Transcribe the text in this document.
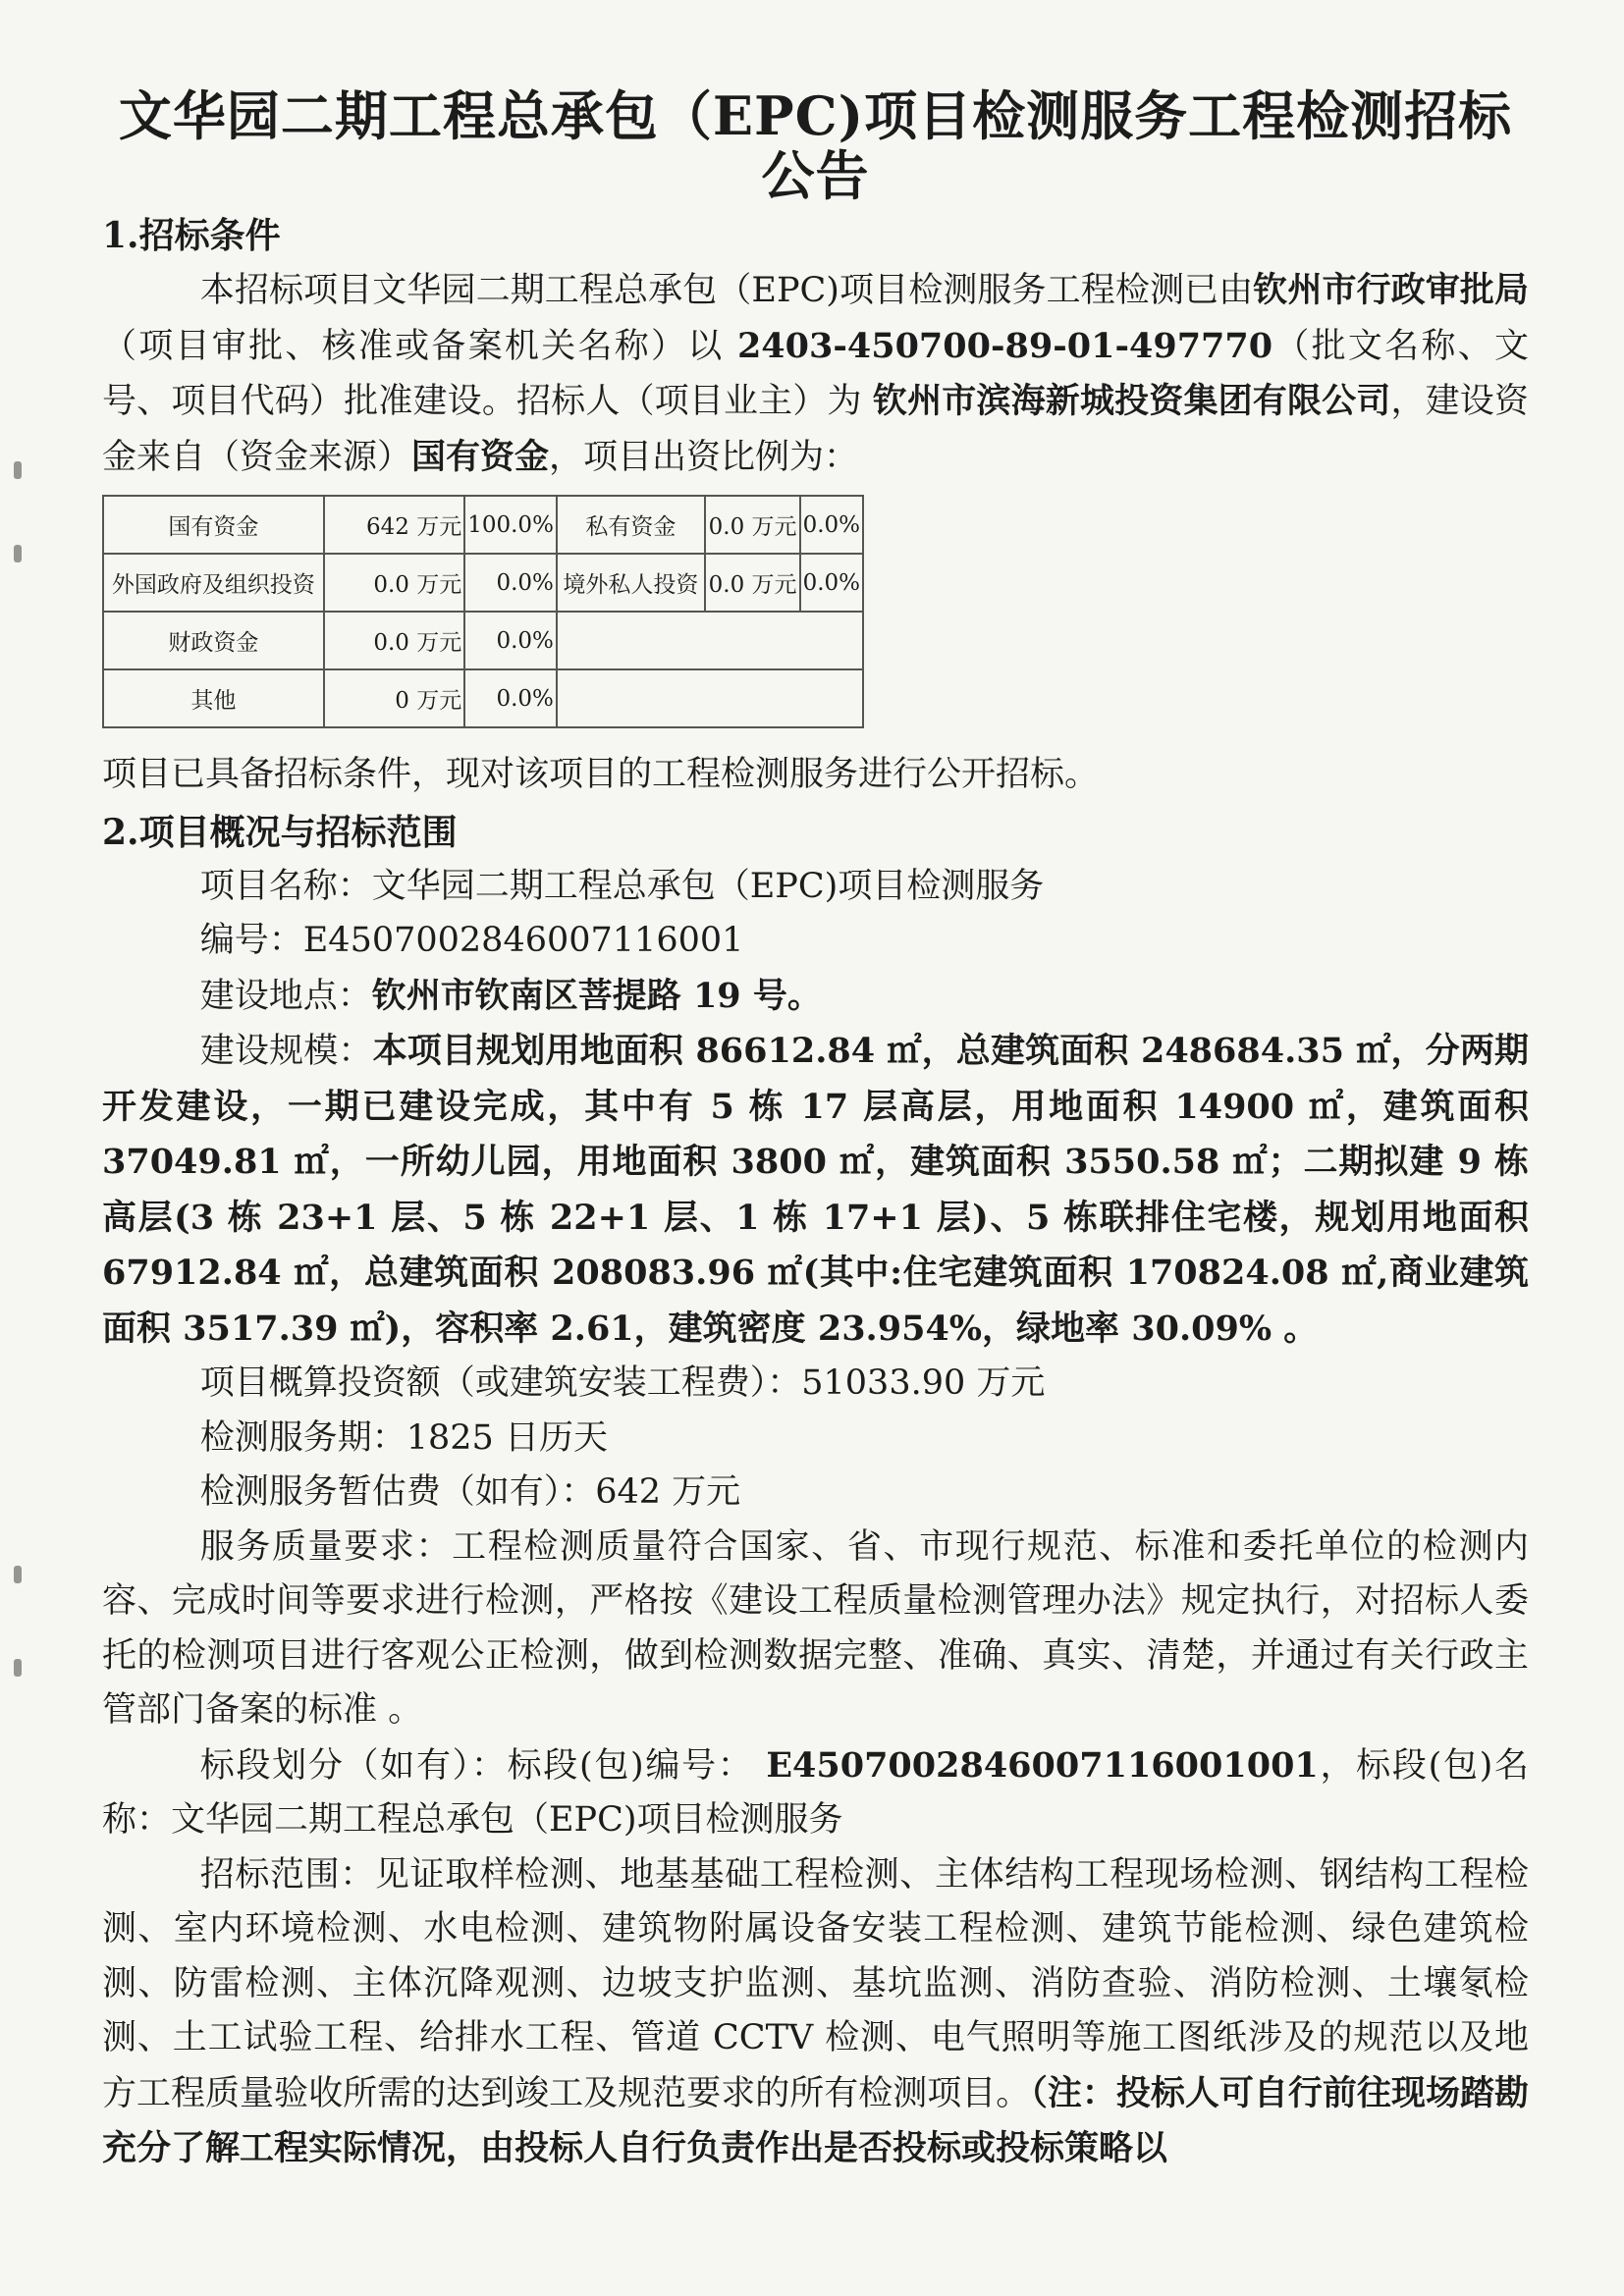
文华园二期工程总承包（EPC)项目检测服务工程检测招标公告
1.招标条件

本招标项目文华园二期工程总承包（EPC)项目检测服务工程检测已由钦州市行政审批局（项目审批、核准或备案机关名称）以 2403-450700-89-01-497770（批文名称、文号、项目代码）批准建设。招标人（项目业主）为 钦州市滨海新城投资集团有限公司，建设资金来自（资金来源）国有资金，项目出资比例为：

国有资金	642 万元	100.0%	私有资金	0.0 万元	0.0%
外国政府及组织投资	0.0 万元	0.0%	境外私人投资	0.0 万元	0.0%
财政资金	0.0 万元	0.0%			
其他	0 万元	0.0%			

项目已具备招标条件，现对该项目的工程检测服务进行公开招标。

2.项目概况与招标范围

项目名称：文华园二期工程总承包（EPC)项目检测服务

编号：E4507002846007116001

建设地点：钦州市钦南区菩提路 19 号。

建设规模：本项目规划用地面积 86612.84 ㎡，总建筑面积 248684.35 ㎡，分两期开发建设，一期已建设完成，其中有 5 栋 17 层高层，用地面积 14900 ㎡，建筑面积 37049.81 ㎡，一所幼儿园，用地面积 3800 ㎡，建筑面积 3550.58 ㎡；二期拟建 9 栋高层(3 栋 23+1 层、5 栋 22+1 层、1 栋 17+1 层)、5 栋联排住宅楼，规划用地面积 67912.84 ㎡，总建筑面积 208083.96 ㎡(其中:住宅建筑面积 170824.08 ㎡,商业建筑面积 3517.39 ㎡)，容积率 2.61，建筑密度 23.954%，绿地率 30.09% 。

项目概算投资额（或建筑安装工程费）：51033.90 万元

检测服务期：1825 日历天

检测服务暂估费（如有）：642 万元

服务质量要求：工程检测质量符合国家、省、市现行规范、标准和委托单位的检测内容、完成时间等要求进行检测，严格按《建设工程质量检测管理办法》规定执行，对招标人委托的检测项目进行客观公正检测，做到检测数据完整、准确、真实、清楚，并通过有关行政主管部门备案的标准 。

标段划分（如有）：标段(包)编号： E4507002846007116001001，标段(包)名称：文华园二期工程总承包（EPC)项目检测服务

招标范围：见证取样检测、地基基础工程检测、主体结构工程现场检测、钢结构工程检测、室内环境检测、水电检测、建筑物附属设备安装工程检测、建筑节能检测、绿色建筑检测、防雷检测、主体沉降观测、边坡支护监测、基坑监测、消防查验、消防检测、土壤氡检测、土工试验工程、给排水工程、管道 CCTV 检测、电气照明等施工图纸涉及的规范以及地方工程质量验收所需的达到竣工及规范要求的所有检测项目。（注：投标人可自行前往现场踏勘充分了解工程实际情况，由投标人自行负责作出是否投标或投标策略以
